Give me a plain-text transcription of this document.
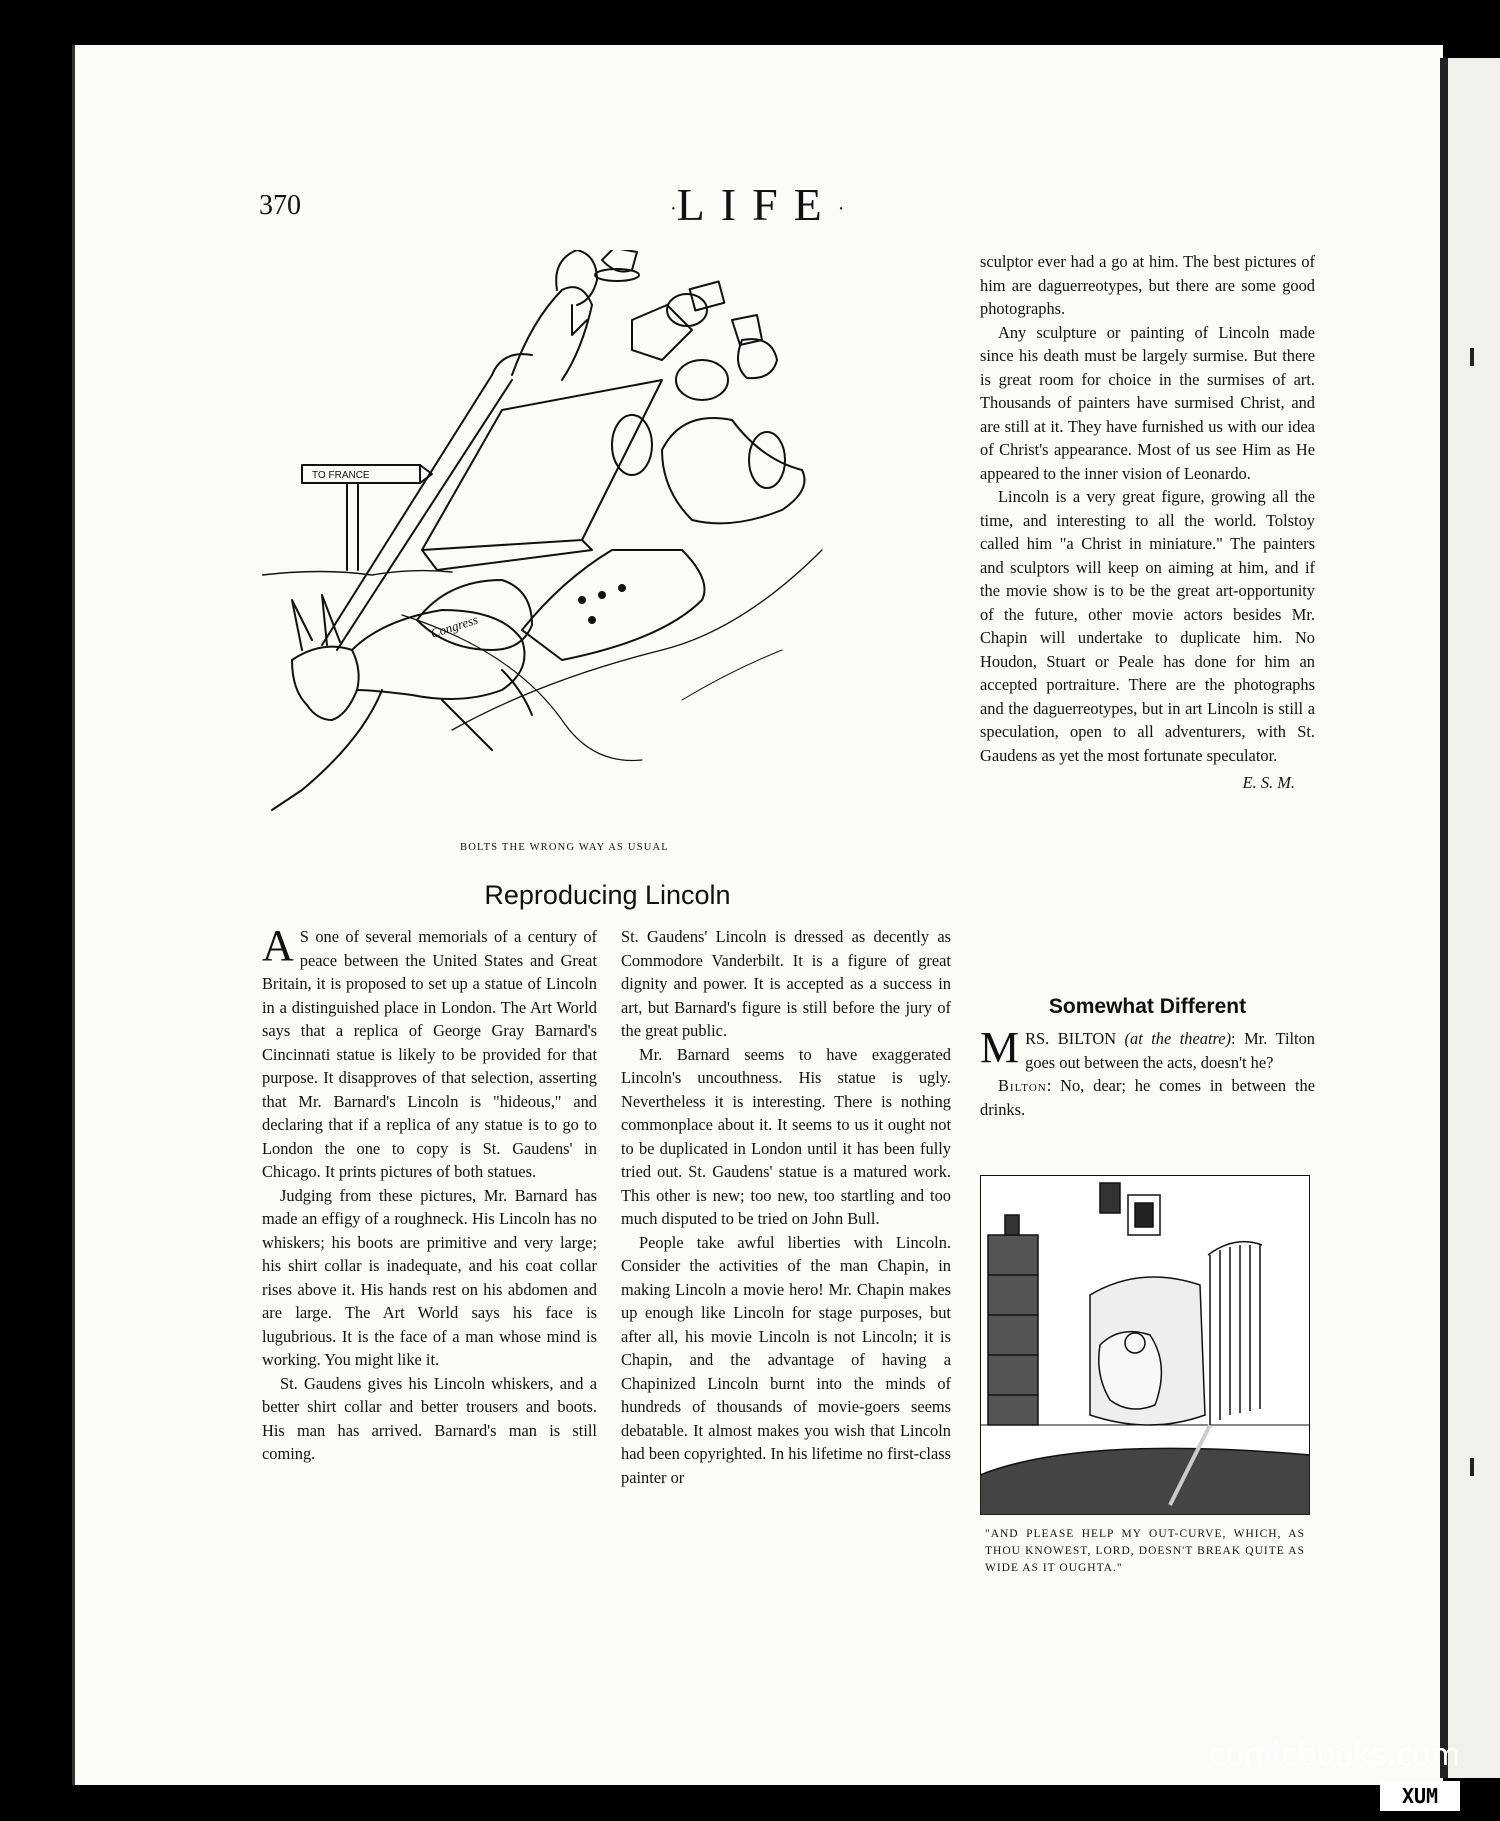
370	·LIFE·
TO FRANCE
Congress
BOLTS THE WRONG WAY AS USUAL
Reproducing Lincoln

A S one of several memorials of a century of peace between the United States and Great Britain, it is proposed to set up a statue of Lincoln in a distinguished place in London. The Art World says that a replica of George Gray Barnard's Cincinnati statue is likely to be provided for that purpose. It disapproves of that selection, asserting that Mr. Barnard's Lincoln is "hideous," and declaring that if a replica of any statue is to go to London the one to copy is St. Gaudens' in Chicago. It prints pictures of both statues.

Judging from these pictures, Mr. Barnard has made an effigy of a roughneck. His Lincoln has no whiskers; his boots are primitive and very large; his shirt collar is inadequate, and his coat collar rises above it. His hands rest on his abdomen and are large. The Art World says his face is lugubrious. It is the face of a man whose mind is working. You might like it.

St. Gaudens gives his Lincoln whiskers, and a better shirt collar and better trousers and boots. His man has arrived. Barnard's man is still coming.

St. Gaudens' Lincoln is dressed as decently as Commodore Vanderbilt. It is a figure of great dignity and power. It is accepted as a success in art, but Barnard's figure is still before the jury of the great public.

Mr. Barnard seems to have exaggerated Lincoln's uncouthness. His statue is ugly. Nevertheless it is interesting. There is nothing commonplace about it. It seems to us it ought not to be duplicated in London until it has been fully tried out. St. Gaudens' statue is a matured work. This other is new; too new, too startling and too much disputed to be tried on John Bull.

People take awful liberties with Lincoln. Consider the activities of the man Chapin, in making Lincoln a movie hero! Mr. Chapin makes up enough like Lincoln for stage purposes, but after all, his movie Lincoln is not Lincoln; it is Chapin, and the advantage of having a Chapinized Lincoln burnt into the minds of hundreds of thousands of movie-goers seems debatable. It almost makes you wish that Lincoln had been copyrighted. In his lifetime no first-class painter or

sculptor ever had a go at him. The best pictures of him are daguerreotypes, but there are some good photographs.

Any sculpture or painting of Lincoln made since his death must be largely surmise. But there is great room for choice in the surmises of art. Thousands of painters have surmised Christ, and are still at it. They have furnished us with our idea of Christ's appearance. Most of us see Him as He appeared to the inner vision of Leonardo.

Lincoln is a very great figure, growing all the time, and interesting to all the world. Tolstoy called him "a Christ in miniature." The painters and sculptors will keep on aiming at him, and if the movie show is to be the great art-opportunity of the future, other movie actors besides Mr. Chapin will undertake to duplicate him. No Houdon, Stuart or Peale has done for him an accepted portraiture. There are the photographs and the daguerreotypes, but in art Lincoln is still a speculation, open to all adventurers, with St. Gaudens as yet the most fortunate speculator.

E. S. M.
Somewhat Different

MRS. BILTON (at the theatre): Mr. Tilton goes out between the acts, doesn't he?

Bilton: No, dear; he comes in between the drinks.

"AND PLEASE HELP MY OUT-CURVE, WHICH, AS THOU KNOWEST, LORD, DOESN'T BREAK QUITE AS WIDE AS IT OUGHTA."
comicbooks.com
XUM
